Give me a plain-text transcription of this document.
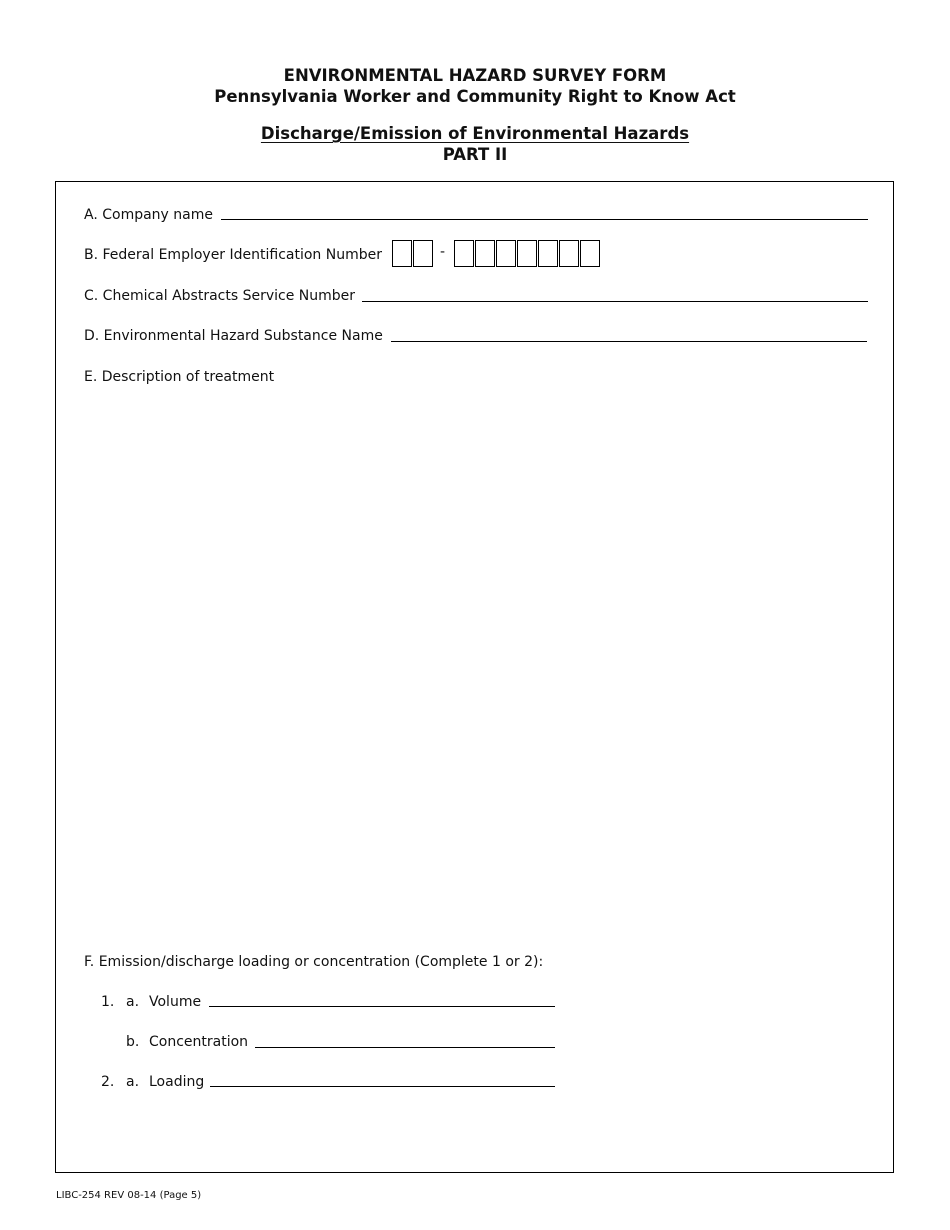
ENVIRONMENTAL HAZARD SURVEY FORM
Pennsylvania Worker and Community Right to Know Act
Discharge/Emission of Environmental Hazards
PART II
A. Company name
B. Federal Employer Identification Number	-
C. Chemical Abstracts Service Number
D. Environmental Hazard Substance Name
E. Description of treatment
F. Emission/discharge loading or concentration (Complete 1 or 2):
1. a. Volume
b. Concentration
2. a. Loading
LIBC-254 REV 08-14 (Page 5)
